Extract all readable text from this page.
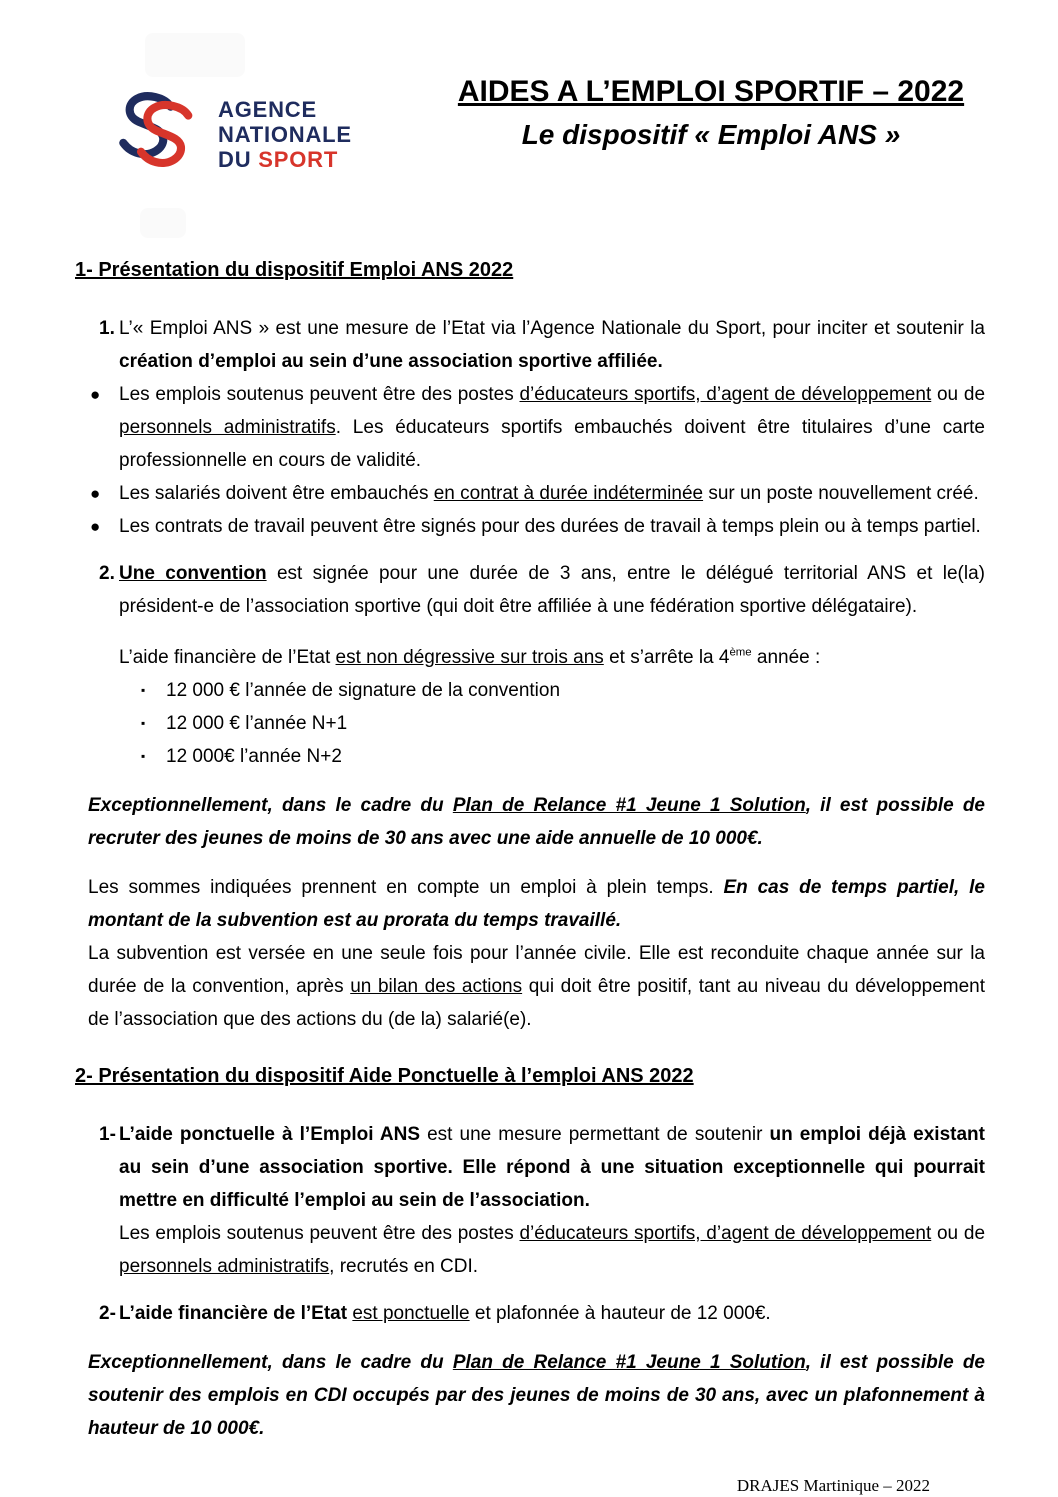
AGENCE
NATIONALE
DU SPORT
AIDES A L’EMPLOI SPORTIF – 2022
Le dispositif « Emploi ANS »
1- Présentation du dispositif Emploi ANS 2022
1. L’« Emploi ANS » est une mesure de l’Etat via l’Agence Nationale du Sport, pour inciter et soutenir la création d’emploi au sein d’une association sportive affiliée.
● Les emplois soutenus peuvent être des postes d’éducateurs sportifs, d’agent de développement ou de personnels administratifs. Les éducateurs sportifs embauchés doivent être titulaires d’une carte professionnelle en cours de validité.
● Les salariés doivent être embauchés en contrat à durée indéterminée sur un poste nouvellement créé.
● Les contrats de travail peuvent être signés pour des durées de travail à temps plein ou à temps partiel.
2. Une convention est signée pour une durée de 3 ans, entre le délégué territorial ANS et le(la) président-e de l’association sportive (qui doit être affiliée à une fédération sportive délégataire).
L’aide financière de l’Etat est non dégressive sur trois ans et s’arrête la 4ème année :
▪	12 000 € l’année de signature de la convention
▪	12 000 € l’année N+1
▪	12 000€ l’année N+2
Exceptionnellement, dans le cadre du Plan de Relance #1 Jeune 1 Solution, il est possible de recruter des jeunes de moins de 30 ans avec une aide annuelle de 10 000€.
Les sommes indiquées prennent en compte un emploi à plein temps. En cas de temps partiel, le montant de la subvention est au prorata du temps travaillé.
La subvention est versée en une seule fois pour l’année civile. Elle est reconduite chaque année sur la durée de la convention, après un bilan des actions qui doit être positif, tant au niveau du développement de l’association que des actions du (de la) salarié(e).
2- Présentation du dispositif Aide Ponctuelle à l’emploi ANS 2022
1- L’aide ponctuelle à l’Emploi ANS est une mesure permettant de soutenir un emploi déjà existant au sein d’une association sportive. Elle répond à une situation exceptionnelle qui pourrait mettre en difficulté l’emploi au sein de l’association.
Les emplois soutenus peuvent être des postes d’éducateurs sportifs, d’agent de développement ou de personnels administratifs, recrutés en CDI.
2- L’aide financière de l’Etat est ponctuelle et plafonnée à hauteur de 12 000€.
Exceptionnellement, dans le cadre du Plan de Relance #1 Jeune 1 Solution, il est possible de soutenir des emplois en CDI occupés par des jeunes de moins de 30 ans, avec un plafonnement à hauteur de 10 000€.
DRAJES Martinique – 2022
